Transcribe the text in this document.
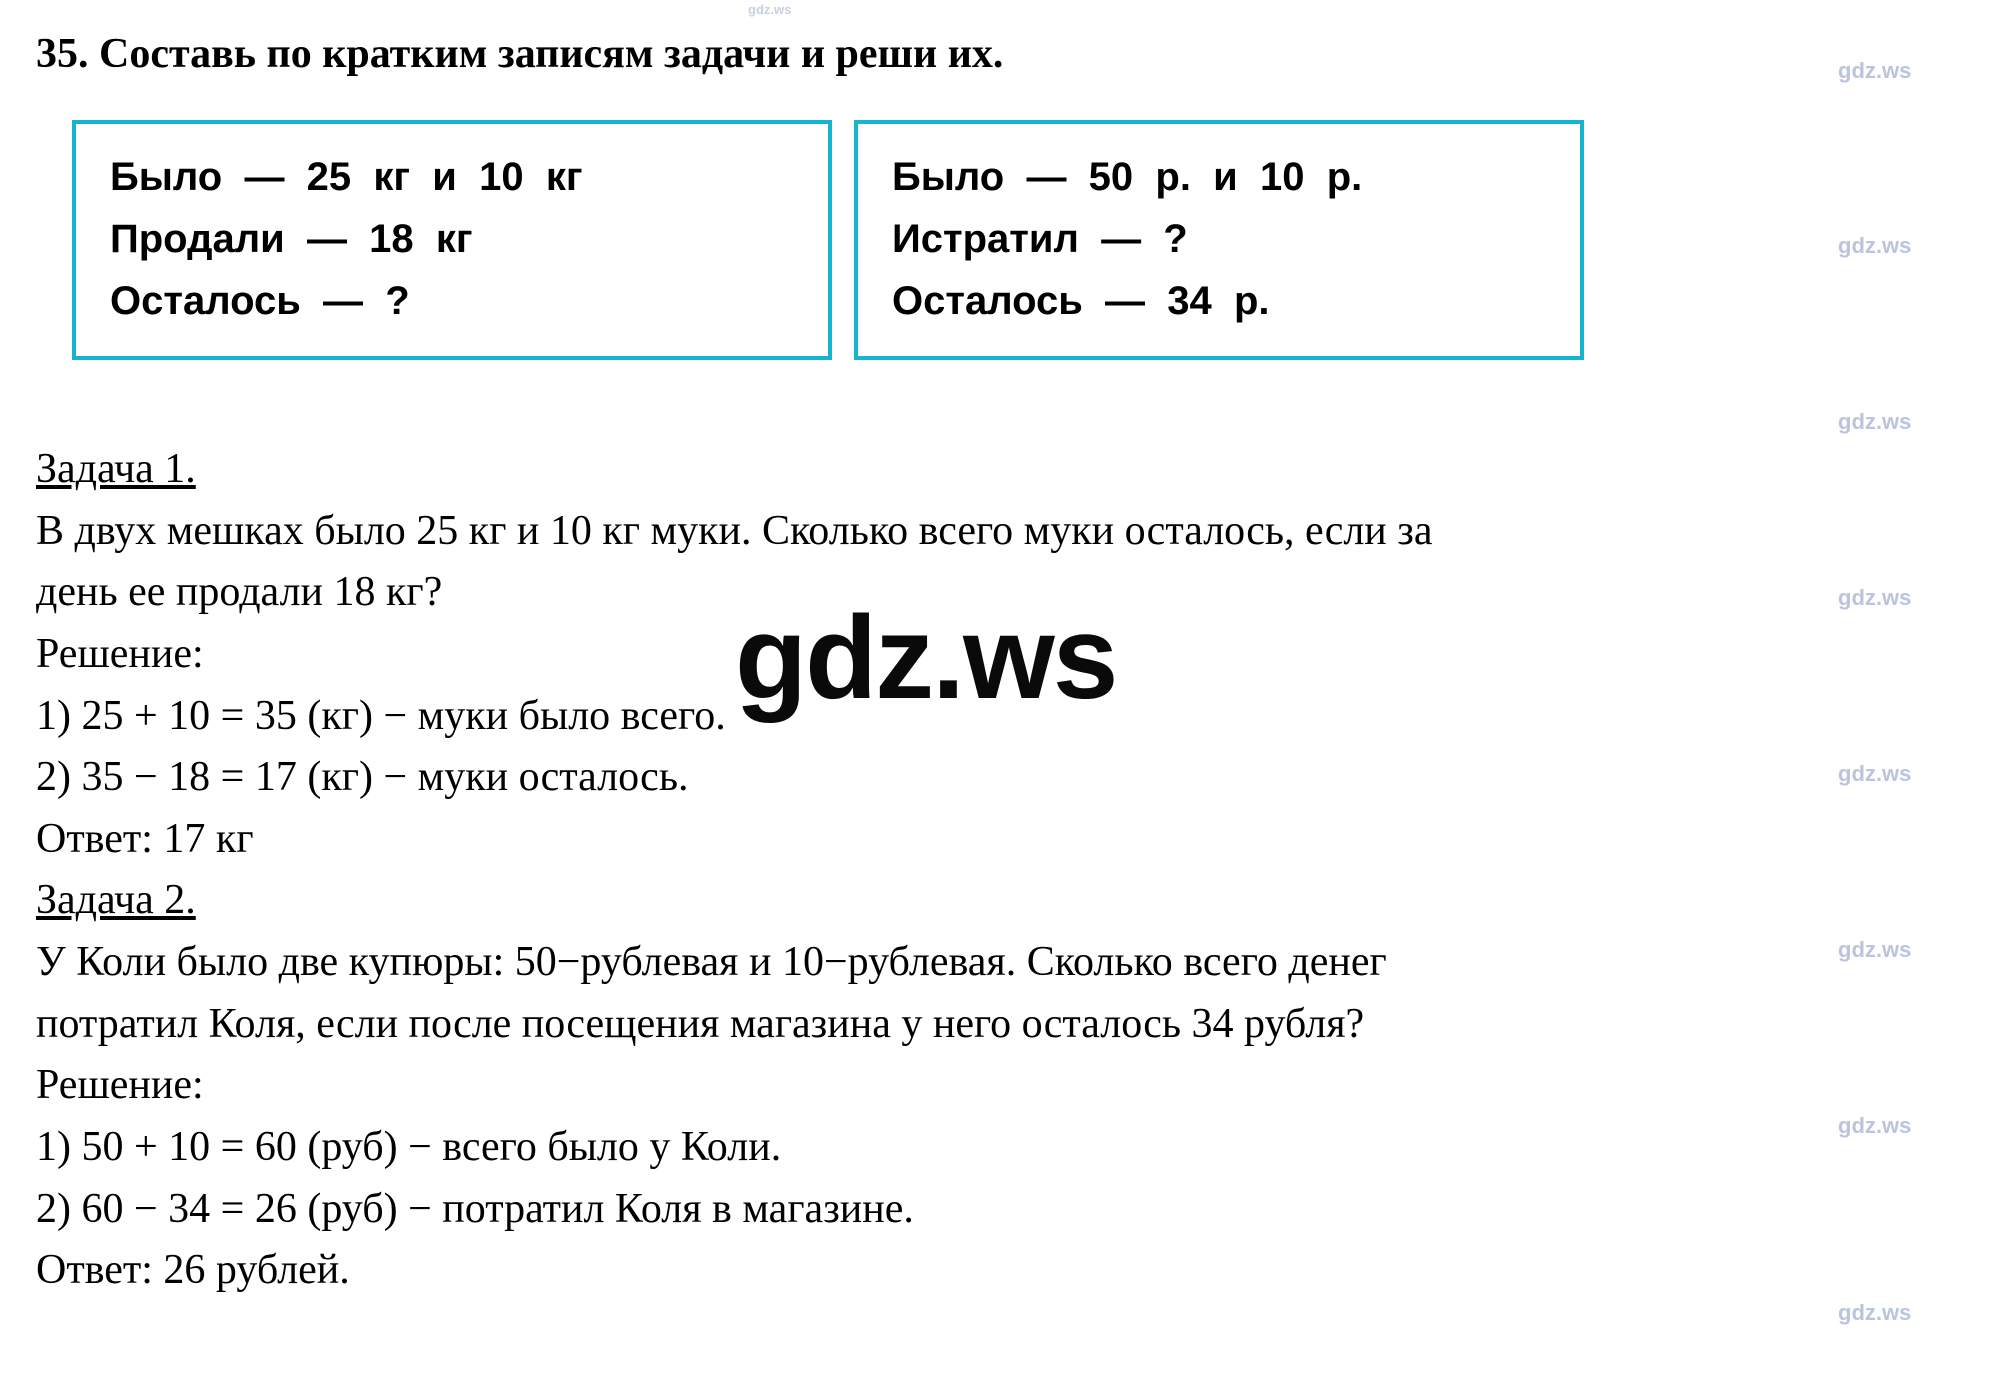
gdz.ws
gdz.ws
gdz.ws
gdz.ws
gdz.ws
gdz.ws
gdz.ws
gdz.ws
gdz.ws
35. Составь по кратким записям задачи и реши их.
Было  —  25  кг  и  10  кг
Продали  —  18  кг
Осталось  —  ?
Было  —  50  р.  и  10  р.
Истратил  —  ?
Осталось  —  34  р.
gdz.ws
Задача 1.

В двух мешках было 25 кг и 10 кг муки. Сколько всего муки осталось, если за

день ее продали 18 кг?

Решение:

1) 25 + 10 = 35 (кг) − муки было всего.

2) 35 − 18 = 17 (кг) − муки осталось.

Ответ: 17 кг

Задача 2.

У Коли было две купюры: 50−рублевая и 10−рублевая. Сколько всего денег

потратил Коля, если после посещения магазина у него осталось 34 рубля?

Решение:

1) 50 + 10 = 60 (руб) − всего было у Коли.

2) 60 − 34 = 26 (руб) − потратил Коля в магазине.

Ответ: 26 рублей.
